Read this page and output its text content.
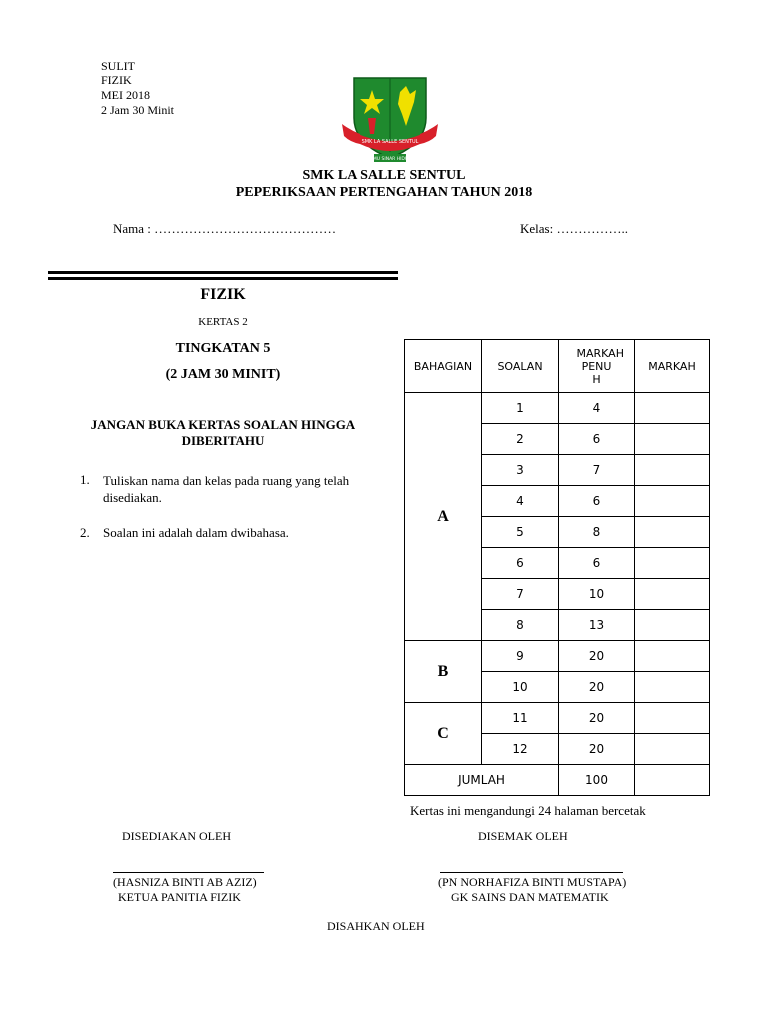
SULIT
FIZIK
MEI 2018
2 Jam 30 Minit
SMK LA SALLE SENTUL
ILMU SINAR HIDUP
SMK LA SALLE SENTUL
PEPERIKSAAN PERTENGAHAN TAHUN 2018
Nama : ……………………………………	Kelas: ……………..
FIZIK
KERTAS 2
TINGKATAN 5
(2 JAM 30 MINIT)
JANGAN BUKA KERTAS SOALAN HINGGA DIBERITAHU
1. Tuliskan nama dan kelas pada ruang yang telah disediakan.
2. Soalan ini adalah dalam dwibahasa.
BAHAGIAN	SOALAN	MARKAH PENU H	MARKAH
A	1	4	
	2	6	
	3	7	
	4	6	
	5	8	
	6	6	
	7	10	
	8	13	
B	9	20	
	10	20	
C	11	20	
	12	20	
JUMLAH		100	
Kertas ini mengandungi 24 halaman bercetak
DISEDIAKAN OLEH	DISEMAK OLEH
(HASNIZA BINTI AB AZIZ)
KETUA PANITIA FIZIK
(PN NORHAFIZA BINTI MUSTAPA)
GK SAINS DAN MATEMATIK
DISAHKAN OLEH
